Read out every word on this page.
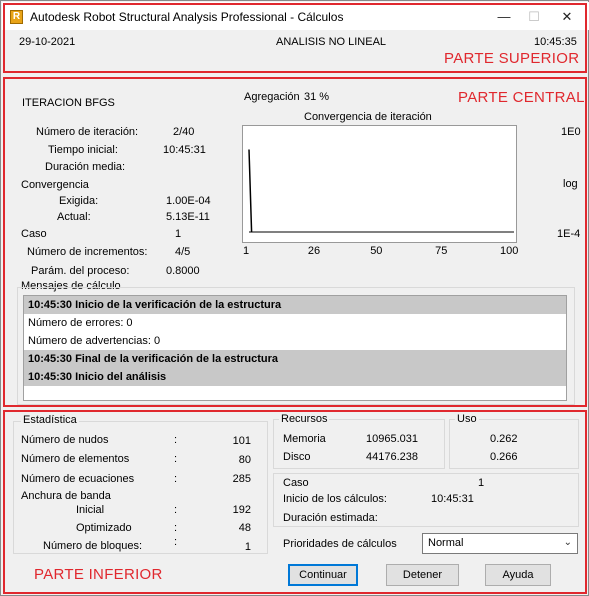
R Autodesk Robot Structural Analysis Professional - Cálculos	—	☐	✕
29-10-2021	ANALISIS NO LINEAL	10:45:35
PARTE SUPERIOR
PARTE CENTRAL
ITERACION BFGS	Agregación 31 %
Número de iteración:	2/40
Tiempo inicial:	10:45:31
Duración media:
Convergencia
Exigida:	1.00E-04
Actual:	5.13E-11
Caso	1
Número de incrementos:	4/5
Parám. del proceso:	0.8000
Convergencia de iteración
1E0
log
1E-4
1	26	50	75	100
Mensajes de cálculo
10:45:30 Inicio de la verificación de la estructura
Número de errores: 0
Número de advertencias: 0
10:45:30 Final de la verificación de la estructura
10:45:30 Inicio del análisis
PARTE INFERIOR
Estadística
Número de nudos	:	101
Número de elementos	:	80
Número de ecuaciones	:	285
Anchura de banda
Inicial	:	192
Optimizado	:	48
Número de bloques:	:	1
Recursos
Memoria	10965.031
Disco	44176.238
Uso
0.262
0.266
Caso	1
Inicio de los cálculos:	10:45:31
Duración estimada:
Prioridades de cálculos	Normal	⌄
Continuar	Detener	Ayuda
